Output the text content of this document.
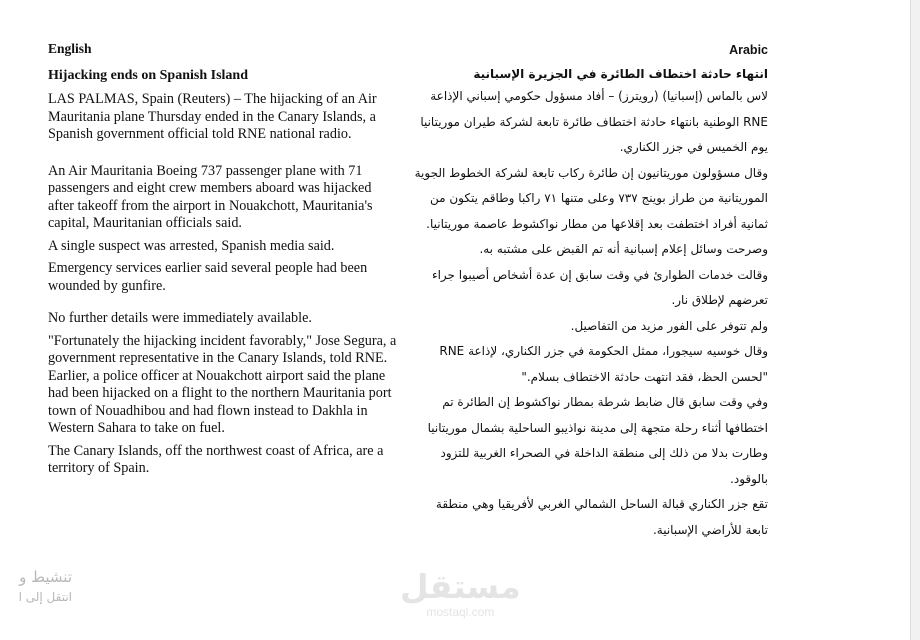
English
Hijacking ends on Spanish Island

LAS PALMAS, Spain (Reuters) – The hijacking of an Air Mauritania plane Thursday ended in the Canary Islands, a Spanish government official told RNE national radio.

An Air Mauritania Boeing 737 passenger plane with 71 passengers and eight crew members aboard was hijacked after takeoff from the airport in Nouakchott, Mauritania's capital, Mauritanian officials said.

A single suspect was arrested, Spanish media said.

Emergency services earlier said several people had been wounded by gunfire.

No further details were immediately available.

"Fortunately the hijacking incident favorably," Jose Segura, a government representative in the Canary Islands, told RNE.

Earlier, a police officer at Nouakchott airport said the plane had been hijacked on a flight to the northern Mauritania port town of Nouadhibou and had flown instead to Dakhla in Western Sahara to take on fuel.

The Canary Islands, off the northwest coast of Africa, are a territory of Spain.

Arabic
انتهاء حادثة اختطاف الطائرة في الجزيرة الإسبانية

لاس بالماس (إسبانيا) (رويترز) – أفاد مسؤول حكومي إسباني الإذاعة RNE الوطنية بانتهاء حادثة اختطاف طائرة تابعة لشركة طيران موريتانيا يوم الخميس في جزر الكناري.

وقال مسؤولون موريتانيون إن طائرة ركاب تابعة لشركة الخطوط الجوية الموريتانية من طراز بوينج ٧٣٧ وعلى متنها ٧١ راكبا وطاقم يتكون من ثمانية أفراد اختطفت بعد إقلاعها من مطار نواكشوط عاصمة موريتانيا.

وصرحت وسائل إعلام إسبانية أنه تم القبض على مشتبه به.

وقالت خدمات الطوارئ في وقت سابق إن عدة أشخاص أصيبوا جراء تعرضهم لإطلاق نار.

ولم تتوفر على الفور مزيد من التفاصيل.

وقال خوسيه سيجورا، ممثل الحكومة في جزر الكناري، لإذاعة RNE "لحسن الحظ، فقد انتهت حادثة الاختطاف بسلام."

وفي وقت سابق قال ضابط شرطة بمطار نواكشوط إن الطائرة تم اختطافها أثناء رحلة متجهة إلى مدينة نواذيبو الساحلية بشمال موريتانيا وطارت بدلا من ذلك إلى منطقة الداخلة في الصحراء الغربية للتزود بالوقود.

تقع جزر الكناري قبالة الساحل الشمالي الغربي لأفريقيا وهي منطقة تابعة للأراضي الإسبانية.

مستقل
mostaql.com
تنشيط ﻭ
انتقل إلى ا
